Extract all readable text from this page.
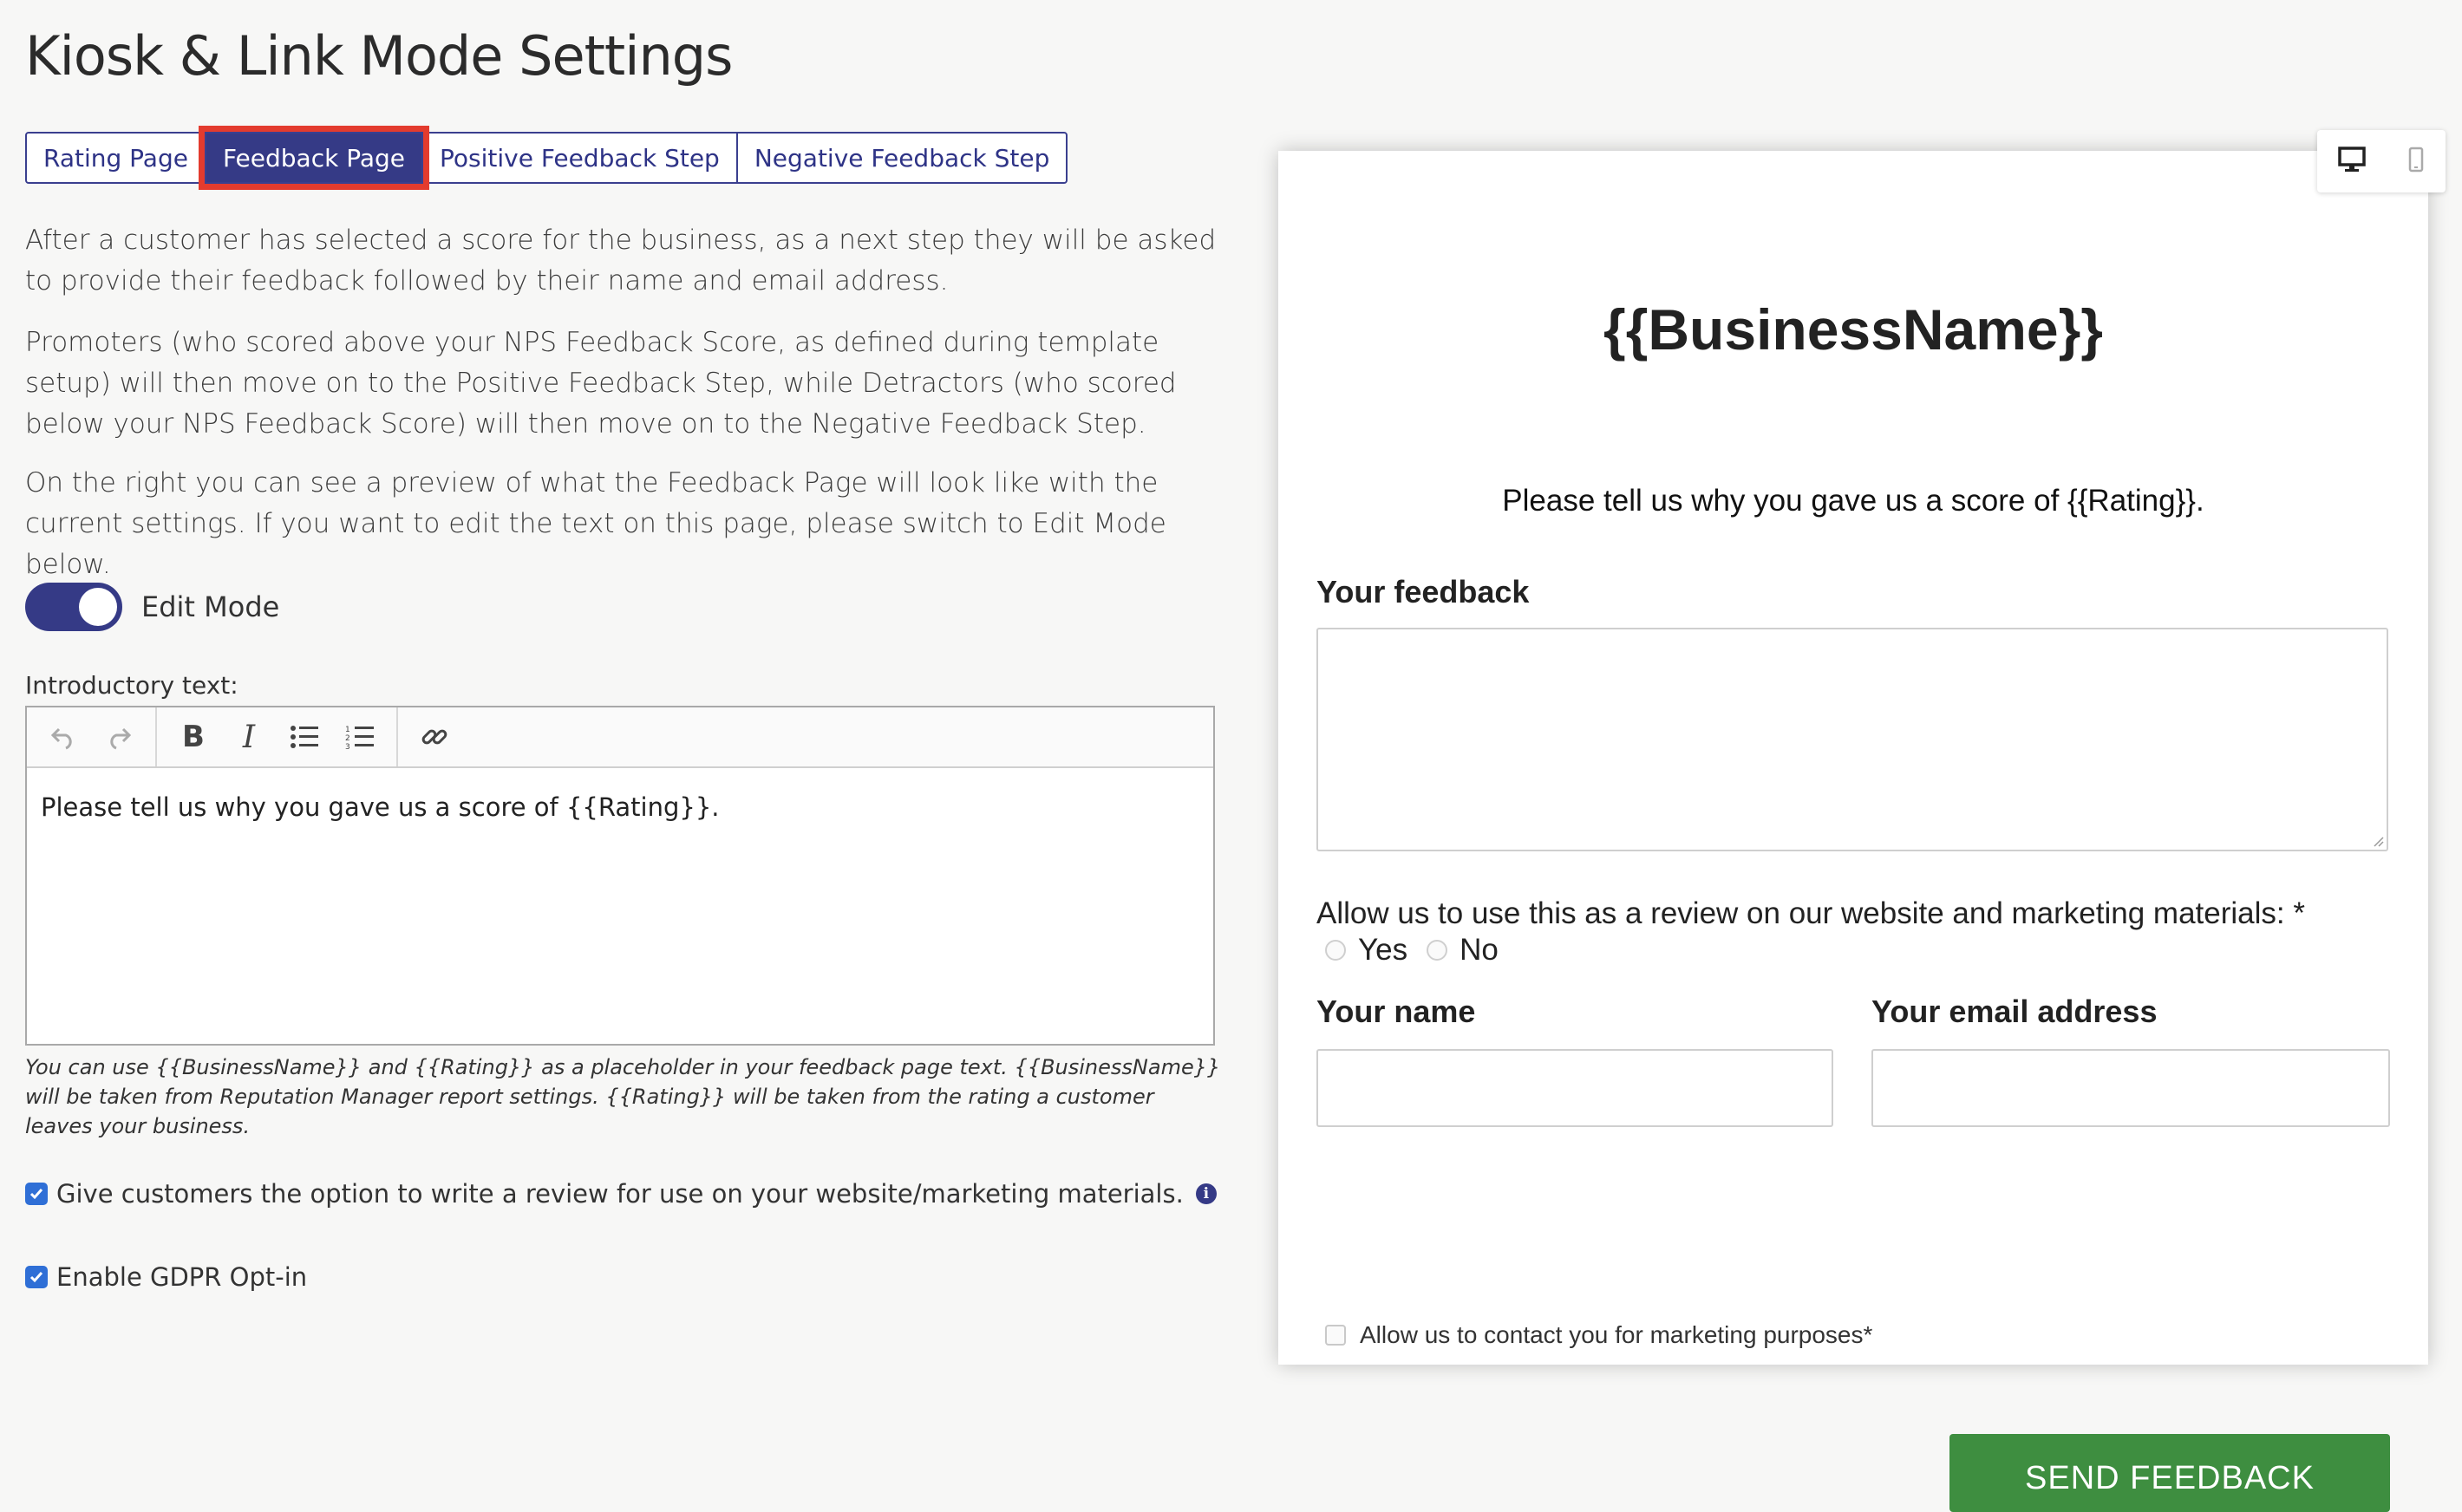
Kiosk & Link Mode Settings
Rating Page	Feedback Page	Positive Feedback Step	Negative Feedback Step

After a customer has selected a score for the business, as a next step they will be asked to provide their feedback followed by their name and email address.

Promoters (who scored above your NPS Feedback Score, as defined during template setup) will then move on to the Positive Feedback Step, while Detractors (who scored below your NPS Feedback Score) will then move on to the Negative Feedback Step.

On the right you can see a preview of what the Feedback Page will look like with the current settings. If you want to edit the text on this page, please switch to Edit Mode below.

Edit Mode
Introductory text:
B I	1
2
3
Please tell us why you gave us a score of {{Rating}}.

You can use {{BusinessName}} and {{Rating}} as a placeholder in your feedback page text. {{BusinessName}} will be taken from Reputation Manager report settings. {{Rating}} will be taken from the rating a customer leaves your business.

Give customers the option to write a review for use on your website/marketing materials.	i
Enable GDPR Opt-in
{{BusinessName}}
Please tell us why you gave us a score of {{Rating}}.
Your feedback
Allow us to use this as a review on our website and marketing materials: *
Yes No
Your name	Your email address
Allow us to contact you for marketing purposes*
SEND FEEDBACK
